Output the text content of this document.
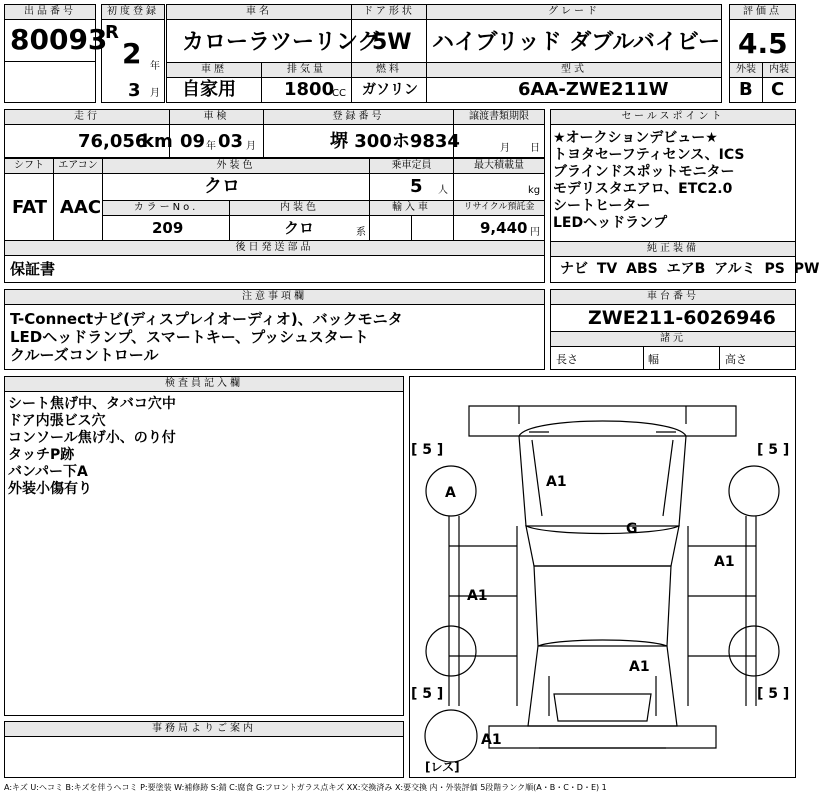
出品番号
80093
初度登録
R
2 年
3 月
車名
カローラツーリング
ドア形状
5W
グレード
ハイブリッド ダブルバイビー
評価点
4.5
車歴
自家用
排気量
1800
CC
燃料
ガソリン
型式
6AA-ZWE211W
外装	内装
B C
走行
76,056
km
車検
09 年 03 月
登録番号
堺 300ホ9834
譲渡書類期限
月 日
シフト
FAT
エアコン
AAC
外装色
クロ
乗車定員
5 人
最大積載量
kg
カラーNo.
209
内装色
クロ	系
輸入車	リサイクル預託金
9,440 円
後日発送部品
保証書
セールスポイント
★オークションデビュー★
トヨタセーフティセンス、ICS
ブラインドスポットモニター
モデリスタエアロ、ETC2.0
シートヒーター
LEDヘッドランプ
純正装備
ナビ TV ABS エアB アルミ PS PW
注意事項欄
T-Connectナビ(ディスプレイオーディオ)、バックモニタ
LEDヘッドランプ、スマートキー、プッシュスタート
クルーズコントロール
車台番号
ZWE211-6026946
諸元
長さ	幅	高さ
検査員記入欄
シート焦げ中、タバコ穴中
ドア内張ビス穴
コンソール焦げ小、のり付
タッチP跡
バンパー下A
外装小傷有り
事務局よりご案内
[ 5 ]	[ 5 ]
[ 5 ]	[ 5 ]
A
A1
G
A1
A1
A1
A1
[レス]
A:キズ U:ヘコミ B:キズを伴うヘコミ P:要塗装 W:補修跡 S:錆 C:腐食 G:フロントガラス点キズ XX:交換済み X:要交換 内・外装評価 5段階ランク順(A・B・C・D・E) 1
